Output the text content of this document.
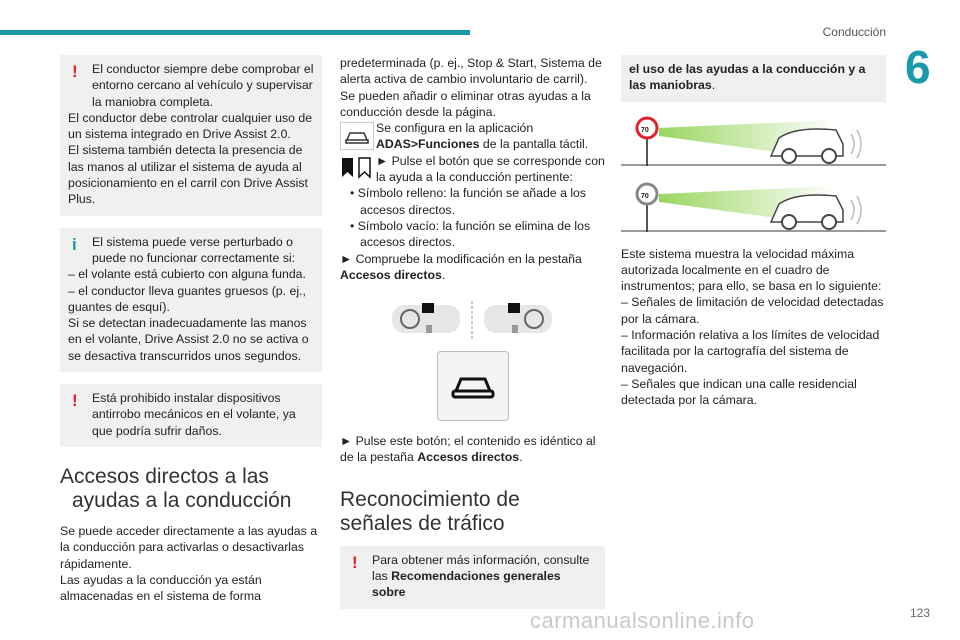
Conducción
6
!	El conductor siempre debe comprobar el entorno cercano al vehículo y supervisar la maniobra completa.

El conductor debe controlar cualquier uso de un sistema integrado en Drive Assist 2.0.

El sistema también detecta la presencia de las manos al utilizar el sistema de ayuda al posicionamiento en el carril con Drive Assist Plus.

i	El sistema puede verse perturbado o puede no funcionar correctamente si:

– el volante está cubierto con alguna funda.

– el conductor lleva guantes gruesos (p. ej., guantes de esquí).

Si se detectan inadecuadamente las manos en el volante, Drive Assist 2.0 no se activa o se desactiva transcurridos unos segundos.

!	Está prohibido instalar dispositivos antirrobo mecánicos en el volante, ya que podría sufrir daños.

Accesos directos a las
ayudas a la conducción

Se puede acceder directamente a las ayudas a la conducción para activarlas o desactivarlas rápidamente.

Las ayudas a la conducción ya están almacenadas en el sistema de forma

predeterminada (p. ej., Stop & Start, Sistema de alerta activa de cambio involuntario de carril).

Se pueden añadir o eliminar otras ayudas a la conducción desde la página.

Se configura en la aplicación
ADAS>Funciones de la pantalla táctil.
► Pulse el botón que se corresponde con la ayuda a la conducción pertinente:

• Símbolo relleno: la función se añade a los accesos directos.

• Símbolo vacío: la función se elimina de los accesos directos.

► Compruebe la modificación en la pestaña Accesos directos.

► Pulse este botón; el contenido es idéntico al de la pestaña Accesos directos.

Reconocimiento de
señales de tráfico
!	Para obtener más información, consulte las Recomendaciones generales sobre

el uso de las ayudas a la conducción y a las maniobras.

70
70

Este sistema muestra la velocidad máxima autorizada localmente en el cuadro de instrumentos; para ello, se basa en lo siguiente:

– Señales de limitación de velocidad detectadas por la cámara.

– Información relativa a los límites de velocidad facilitada por la cartografía del sistema de navegación.

– Señales que indican una calle residencial detectada por la cámara.

carmanualsonline.info	123
